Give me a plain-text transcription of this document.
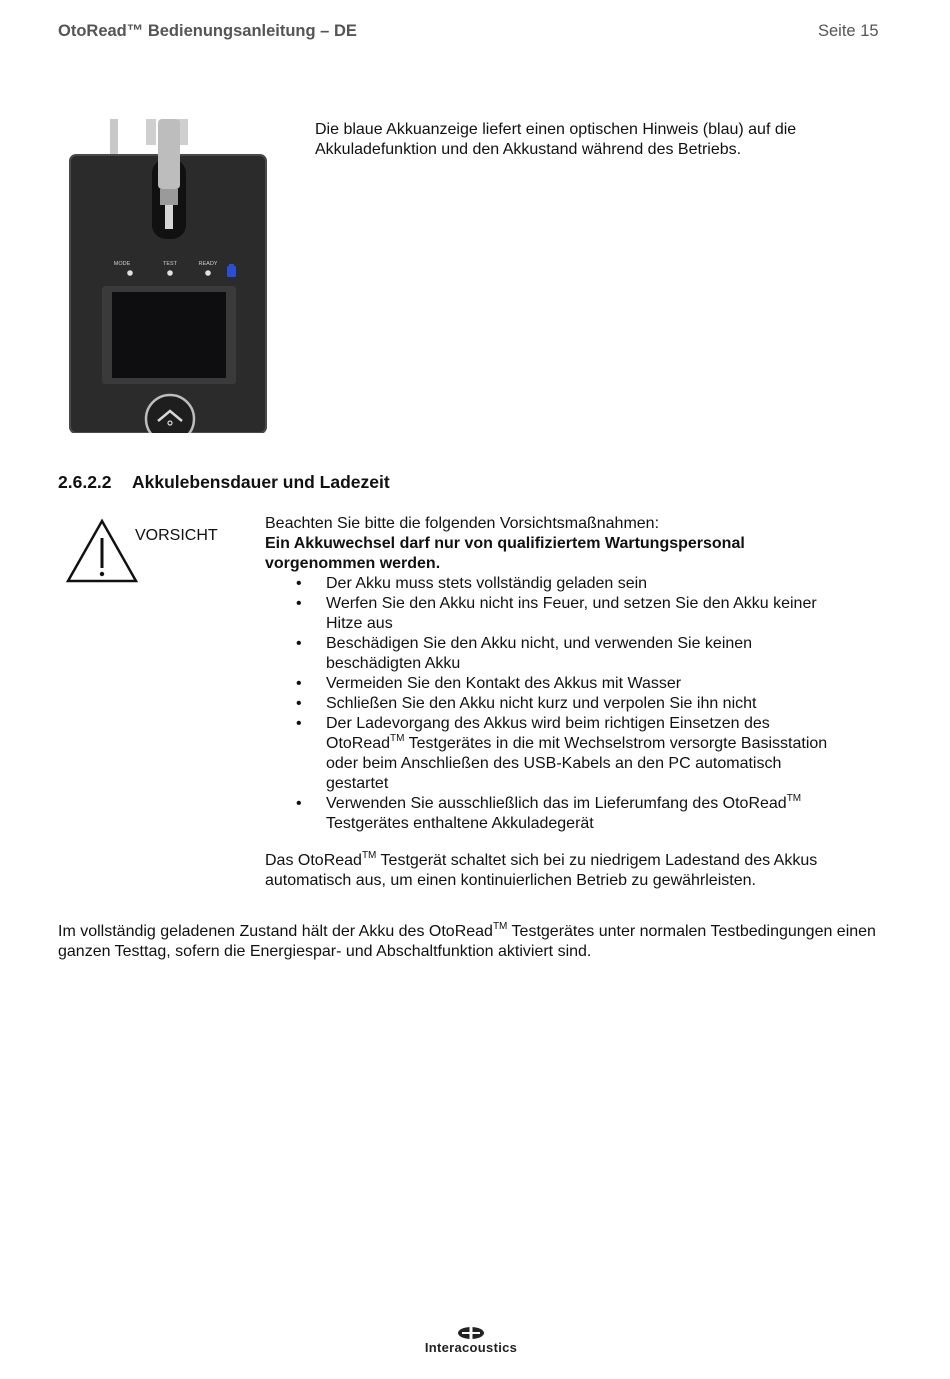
OtoRead™ Bedienungsanleitung – DE	Seite 15
MODE	TEST	READY
Die blaue Akkuanzeige liefert einen optischen Hinweis (blau) auf die Akkuladefunktion und den Akkustand während des Betriebs.
2.6.2.2 Akkulebensdauer und Ladezeit
VORSICHT

Beachten Sie bitte die folgenden Vorsichtsmaßnahmen:

Ein Akkuwechsel darf nur von qualifiziertem Wartungspersonal vorgenommen werden.

• Der Akku muss stets vollständig geladen sein
• Werfen Sie den Akku nicht ins Feuer, und setzen Sie den Akku keiner Hitze aus
• Beschädigen Sie den Akku nicht, und verwenden Sie keinen beschädigten Akku
• Vermeiden Sie den Kontakt des Akkus mit Wasser
• Schließen Sie den Akku nicht kurz und verpolen Sie ihn nicht
• Der Ladevorgang des Akkus wird beim richtigen Einsetzen des OtoRead™ Testgerätes in die mit Wechselstrom versorgte Basisstation oder beim Anschließen des USB-Kabels an den PC automatisch gestartet
• Verwenden Sie ausschließlich das im Lieferumfang des OtoRead™ Testgerätes enthaltene Akkuladegerät

Das OtoRead™ Testgerät schaltet sich bei zu niedrigem Ladestand des Akkus automatisch aus, um einen kontinuierlichen Betrieb zu gewährleisten.

Im vollständig geladenen Zustand hält der Akku des OtoRead™ Testgerätes unter normalen Testbedingungen einen ganzen Testtag, sofern die Energiespar- und Abschaltfunktion aktiviert sind.

Interacoustics
